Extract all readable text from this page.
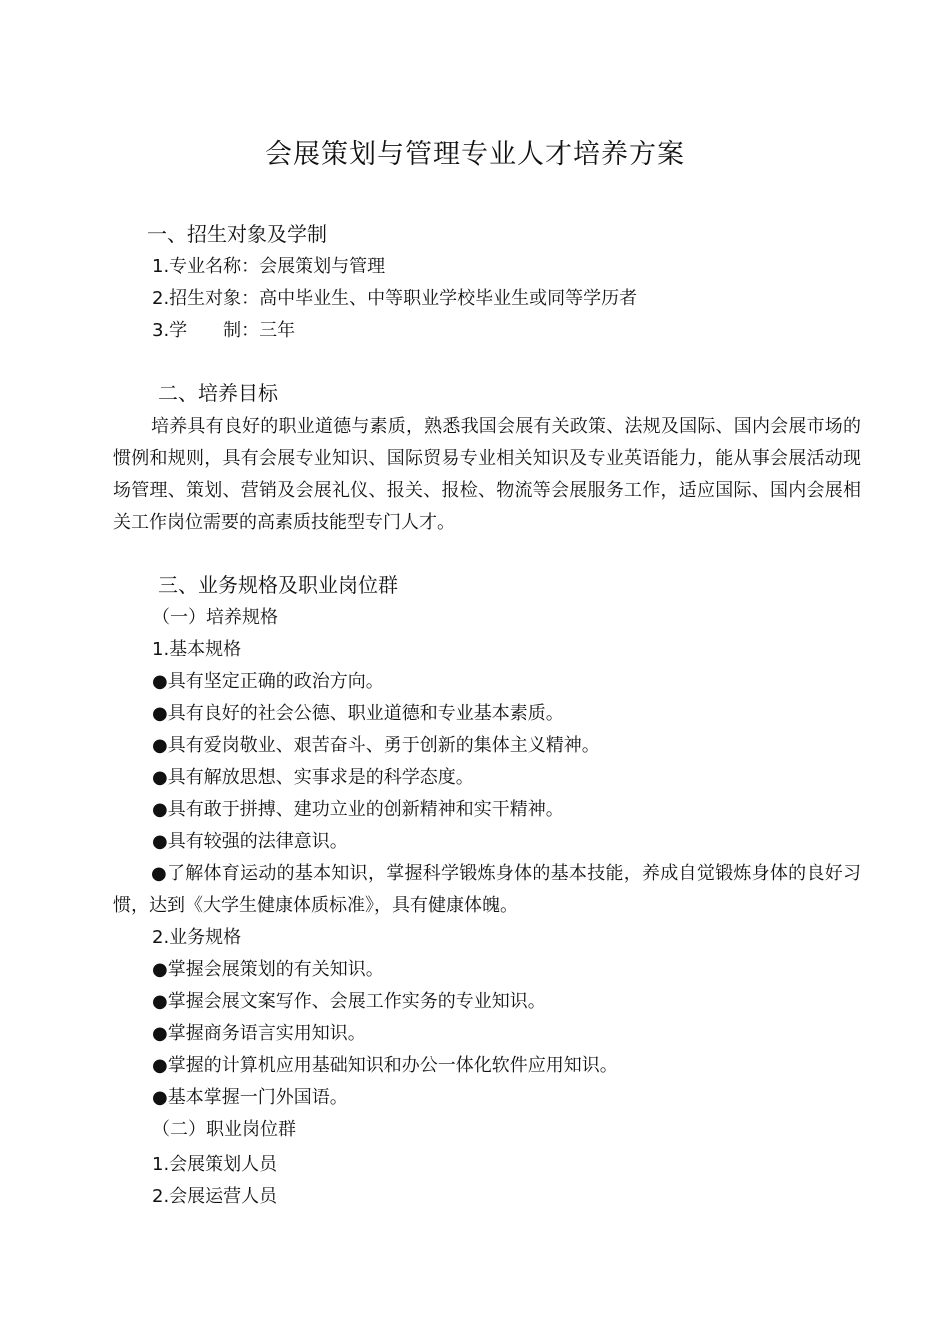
会展策划与管理专业人才培养方案
一、招生对象及学制
1.专业名称：会展策划与管理
2.招生对象：高中毕业生、中等职业学校毕业生或同等学历者
3.学　　制：三年
二、培养目标
培养具有良好的职业道德与素质，熟悉我国会展有关政策、法规及国际、国内会展市场的惯例和规则，具有会展专业知识、国际贸易专业相关知识及专业英语能力，能从事会展活动现场管理、策划、营销及会展礼仪、报关、报检、物流等会展服务工作，适应国际、国内会展相关工作岗位需要的高素质技能型专门人才。
三、业务规格及职业岗位群
（一）培养规格
1.基本规格
●具有坚定正确的政治方向。
●具有良好的社会公德、职业道德和专业基本素质。
●具有爱岗敬业、艰苦奋斗、勇于创新的集体主义精神。
●具有解放思想、实事求是的科学态度。
●具有敢于拼搏、建功立业的创新精神和实干精神。
●具有较强的法律意识。
●了解体育运动的基本知识，掌握科学锻炼身体的基本技能，养成自觉锻炼身体的良好习惯，达到《大学生健康体质标准》，具有健康体魄。
2.业务规格
●掌握会展策划的有关知识。
●掌握会展文案写作、会展工作实务的专业知识。
●掌握商务语言实用知识。
●掌握的计算机应用基础知识和办公一体化软件应用知识。
●基本掌握一门外国语。
（二）职业岗位群
1.会展策划人员
2.会展运营人员
